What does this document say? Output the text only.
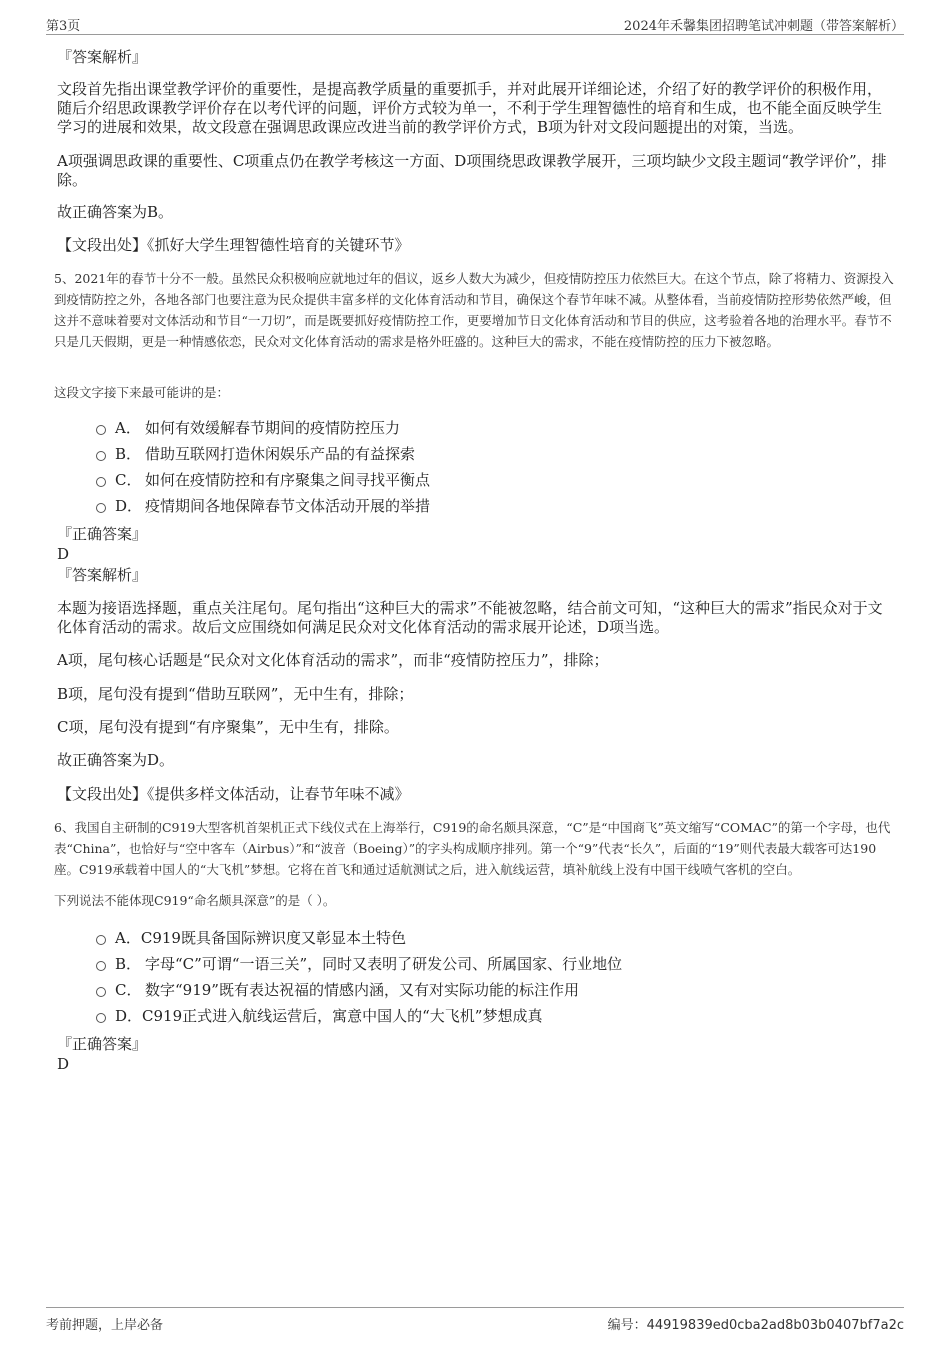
第3页	2024年禾馨集团招聘笔试冲刺题（带答案解析）
『答案解析』
文段首先指出课堂教学评价的重要性，是提高教学质量的重要抓手，并对此展开详细论述，介绍了好的教学评价的积极作用，随后介绍思政课教学评价存在以考代评的问题，评价方式较为单一，不利于学生理智德性的培育和生成，也不能全面反映学生学习的进展和效果，故文段意在强调思政课应改进当前的教学评价方式，B项为针对文段问题提出的对策，当选。
A项强调思政课的重要性、C项重点仍在教学考核这一方面、D项围绕思政课教学展开，三项均缺少文段主题词“教学评价”，排除。
故正确答案为B。
【文段出处】《抓好大学生理智德性培育的关键环节》
5、2021年的春节十分不一般。虽然民众积极响应就地过年的倡议，返乡人数大为减少，但疫情防控压力依然巨大。在这个节点，除了将精力、资源投入到疫情防控之外，各地各部门也要注意为民众提供丰富多样的文化体育活动和节目，确保这个春节年味不减。从整体看，当前疫情防控形势依然严峻，但这并不意味着要对文体活动和节目“一刀切”，而是既要抓好疫情防控工作，更要增加节日文化体育活动和节目的供应，这考验着各地的治理水平。春节不只是几天假期，更是一种情感依恋，民众对文化体育活动的需求是格外旺盛的。这种巨大的需求，不能在疫情防控的压力下被忽略。
这段文字接下来最可能讲的是：
A． 如何有效缓解春节期间的疫情防控压力
B． 借助互联网打造休闲娱乐产品的有益探索
C． 如何在疫情防控和有序聚集之间寻找平衡点
D． 疫情期间各地保障春节文体活动开展的举措
『正确答案』
D
『答案解析』
本题为接语选择题，重点关注尾句。尾句指出“这种巨大的需求”不能被忽略，结合前文可知，“这种巨大的需求”指民众对于文化体育活动的需求。故后文应围绕如何满足民众对文化体育活动的需求展开论述，D项当选。
A项，尾句核心话题是“民众对文化体育活动的需求”，而非“疫情防控压力”，排除；
B项，尾句没有提到“借助互联网”，无中生有，排除；
C项，尾句没有提到“有序聚集”，无中生有，排除。
故正确答案为D。
【文段出处】《提供多样文体活动，让春节年味不减》
6、我国自主研制的C919大型客机首架机正式下线仪式在上海举行，C919的命名颇具深意，“C”是“中国商飞”英文缩写“COMAC”的第一个字母，也代表“China”，也恰好与“空中客车（Airbus）”和“波音（Boeing）”的字头构成顺序排列。第一个“9”代表“长久”，后面的“19”则代表最大载客可达190座。C919承载着中国人的“大飞机”梦想。它将在首飞和通过适航测试之后，进入航线运营，填补航线上没有中国干线喷气客机的空白。
下列说法不能体现C919“命名颇具深意”的是（ ）。
A．C919既具备国际辨识度又彰显本土特色
B． 字母“C”可谓“一语三关”，同时又表明了研发公司、所属国家、行业地位
C． 数字“919”既有表达祝福的情感内涵，又有对实际功能的标注作用
D．C919正式进入航线运营后，寓意中国人的“大飞机”梦想成真
『正确答案』
D
考前押题，上岸必备	编号：44919839ed0cba2ad8b03b0407bf7a2c
